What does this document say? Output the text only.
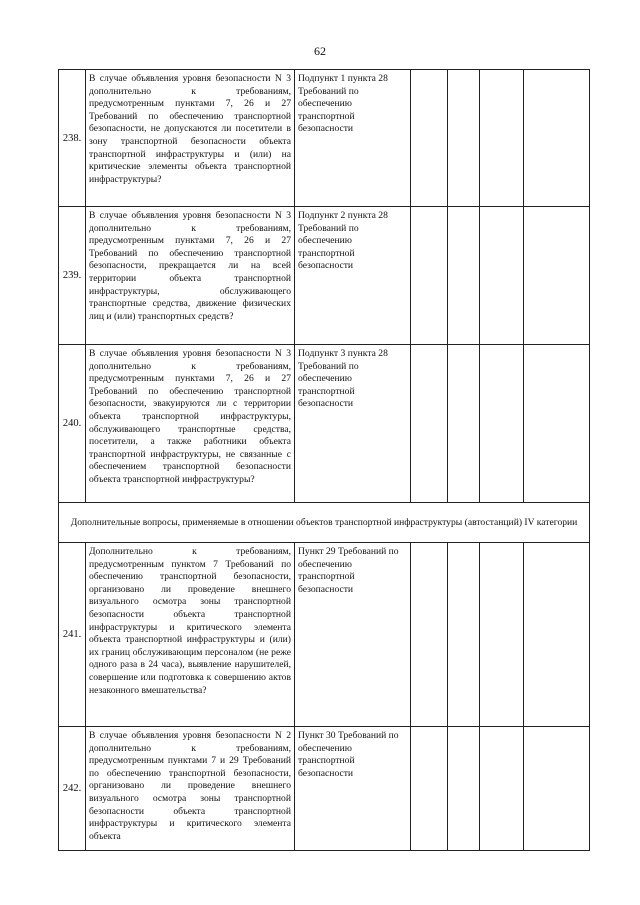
62
238.	В случае объявления уровня безопасности N 3 дополнительно к требованиям, предусмотренным пунктами 7, 26 и 27 Требований по обеспечению транспортной безопасности, не допускаются ли посетители в зону транспортной безопасности объекта транспортной инфраструктуры и (или) на критические элементы объекта транспортной инфраструктуры?	Подпункт 1 пункта 28 Требований по обеспечению транспортной безопасности				
239.	В случае объявления уровня безопасности N 3 дополнительно к требованиям, предусмотренным пунктами 7, 26 и 27 Требований по обеспечению транспортной безопасности, прекращается ли на всей территории объекта транспортной инфраструктуры, обслуживающего транспортные средства, движение физических лиц и (или) транспортных средств?	Подпункт 2 пункта 28 Требований по обеспечению транспортной безопасности				
240.	В случае объявления уровня безопасности N 3 дополнительно к требованиям, предусмотренным пунктами 7, 26 и 27 Требований по обеспечению транспортной безопасности, эвакуируются ли с территории объекта транспортной инфраструктуры, обслуживающего транспортные средства, посетители, а также работники объекта транспортной инфраструктуры, не связанные с обеспечением транспортной безопасности объекта транспортной инфраструктуры?	Подпункт 3 пункта 28 Требований по обеспечению транспортной безопасности				
Дополнительные вопросы, применяемые в отношении объектов транспортной инфраструктуры (автостанций) IV категории						
241.	Дополнительно к требованиям, предусмотренным пунктом 7 Требований по обеспечению транспортной безопасности, организовано ли проведение внешнего визуального осмотра зоны транспортной безопасности объекта транспортной инфраструктуры и критического элемента объекта транспортной инфраструктуры и (или) их границ обслуживающим персоналом (не реже одного раза в 24 часа), выявление нарушителей, совершение или подготовка к совершению актов незаконного вмешательства?	Пункт 29 Требований по обеспечению транспортной безопасности				
242.	В случае объявления уровня безопасности N 2 дополнительно к требованиям, предусмотренным пунктами 7 и 29 Требований по обеспечению транспортной безопасности, организовано ли проведение внешнего визуального осмотра зоны транспортной безопасности объекта транспортной инфраструктуры и критического элемента объекта	Пункт 30 Требований по обеспечению транспортной безопасности				
